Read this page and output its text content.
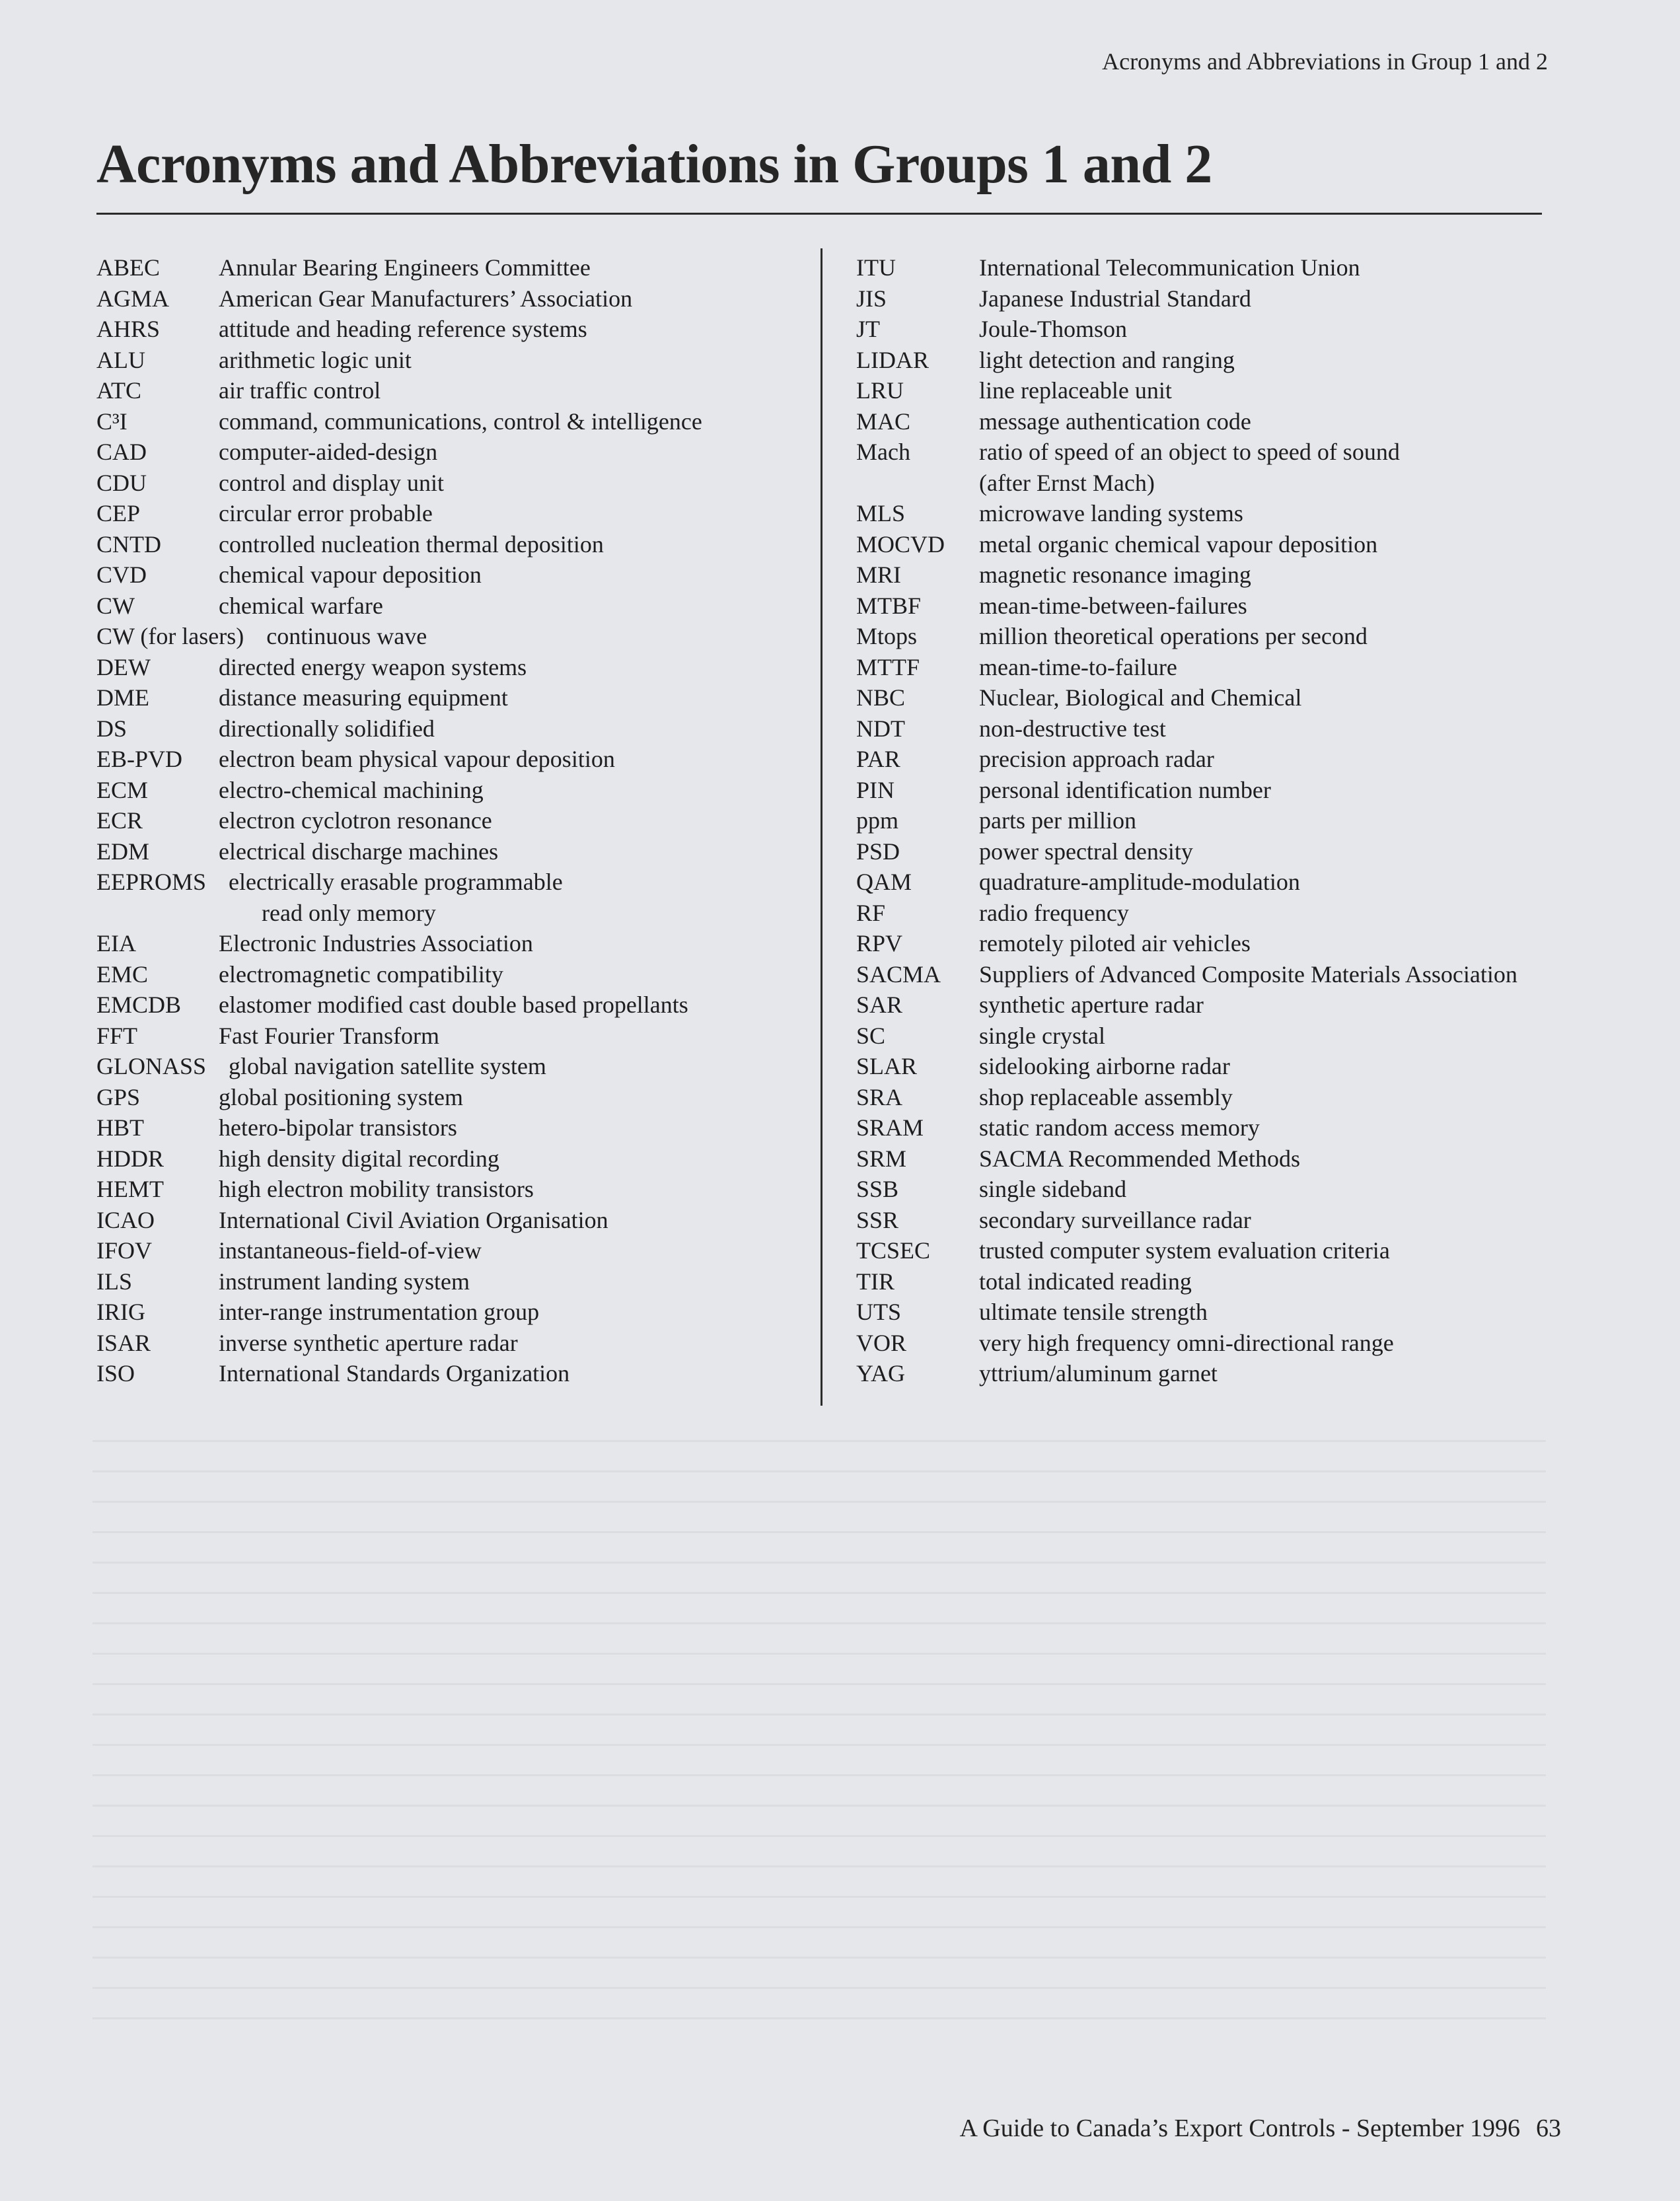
Acronyms and Abbreviations in Group 1 and 2
Acronyms and Abbreviations in Groups 1 and 2
ABEC	Annular Bearing Engineers Committee
AGMA	American Gear Manufacturers’ Association
AHRS	attitude and heading reference systems
ALU	arithmetic logic unit
ATC	air traffic control
C³I	command, communications, control & intelligence
CAD	computer-aided-design
CDU	control and display unit
CEP	circular error probable
CNTD	controlled nucleation thermal deposition
CVD	chemical vapour deposition
CW	chemical warfare
CW (for lasers) continuous wave
DEW	directed energy weapon systems
DME	distance measuring equipment
DS	directionally solidified
EB-PVD	electron beam physical vapour deposition
ECM	electro-chemical machining
ECR	electron cyclotron resonance
EDM	electrical discharge machines
EEPROMS electrically erasable programmable
read only memory
EIA	Electronic Industries Association
EMC	electromagnetic compatibility
EMCDB	elastomer modified cast double based propellants
FFT	Fast Fourier Transform
GLONASS global navigation satellite system
GPS	global positioning system
HBT	hetero-bipolar transistors
HDDR	high density digital recording
HEMT	high electron mobility transistors
ICAO	International Civil Aviation Organisation
IFOV	instantaneous-field-of-view
ILS	instrument landing system
IRIG	inter-range instrumentation group
ISAR	inverse synthetic aperture radar
ISO	International Standards Organization
ITU	International Telecommunication Union
JIS	Japanese Industrial Standard
JT	Joule-Thomson
LIDAR	light detection and ranging
LRU	line replaceable unit
MAC	message authentication code
Mach	ratio of speed of an object to speed of sound
(after Ernst Mach)
MLS	microwave landing systems
MOCVD	metal organic chemical vapour deposition
MRI	magnetic resonance imaging
MTBF	mean-time-between-failures
Mtops	million theoretical operations per second
MTTF	mean-time-to-failure
NBC	Nuclear, Biological and Chemical
NDT	non-destructive test
PAR	precision approach radar
PIN	personal identification number
ppm	parts per million
PSD	power spectral density
QAM	quadrature-amplitude-modulation
RF	radio frequency
RPV	remotely piloted air vehicles
SACMA	Suppliers of Advanced Composite Materials Association
SAR	synthetic aperture radar
SC	single crystal
SLAR	sidelooking airborne radar
SRA	shop replaceable assembly
SRAM	static random access memory
SRM	SACMA Recommended Methods
SSB	single sideband
SSR	secondary surveillance radar
TCSEC	trusted computer system evaluation criteria
TIR	total indicated reading
UTS	ultimate tensile strength
VOR	very high frequency omni-directional range
YAG	yttrium/aluminum garnet
A Guide to Canada’s Export Controls - September 1996 63
